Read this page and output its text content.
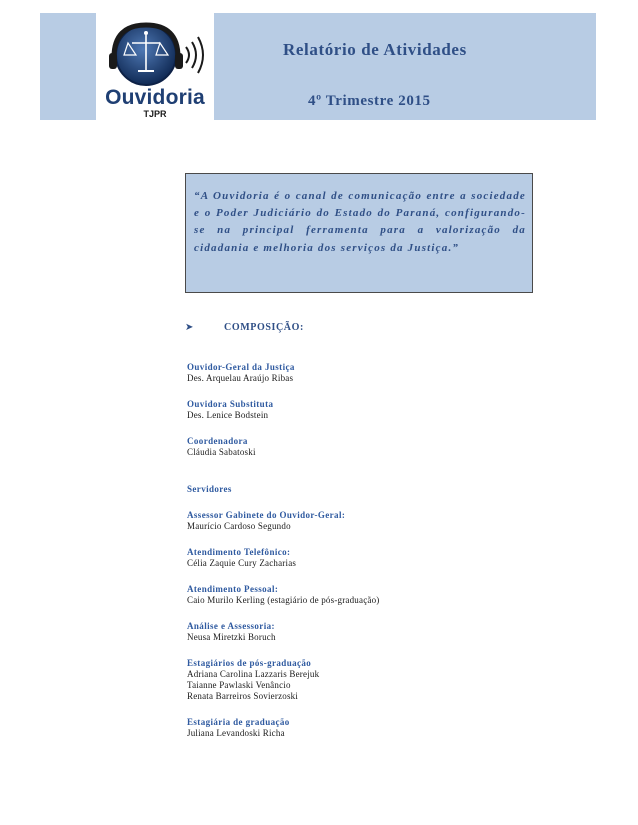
Ouvidoria
TJPR
Relatório de Atividades
4º Trimestre 2015
“A Ouvidoria é o canal de comunicação entre a sociedade e o Poder Judiciário do Estado do Paraná, configurando-se na principal ferramenta para a valorização da cidadania e melhoria dos serviços da Justiça.”
➤	COMPOSIÇÃO:
Ouvidor-Geral da Justiça
Des. Arquelau Araújo Ribas
Ouvidora Substituta
Des. Lenice Bodstein
Coordenadora
Cláudia Sabatoski
Servidores
Assessor Gabinete do Ouvidor-Geral:
Maurício Cardoso Segundo
Atendimento Telefônico:
Célia Zaquie Cury Zacharias
Atendimento Pessoal:
Caio Murilo Kerling (estagiário de pós-graduação)
Análise e Assessoria:
Neusa Miretzki Boruch
Estagiários de pós-graduação
Adriana Carolina Lazzaris Berejuk
Taianne Pawlaski Venâncio
Renata Barreiros Sovierzoski
Estagiária de graduação
Juliana Levandoski Richa
